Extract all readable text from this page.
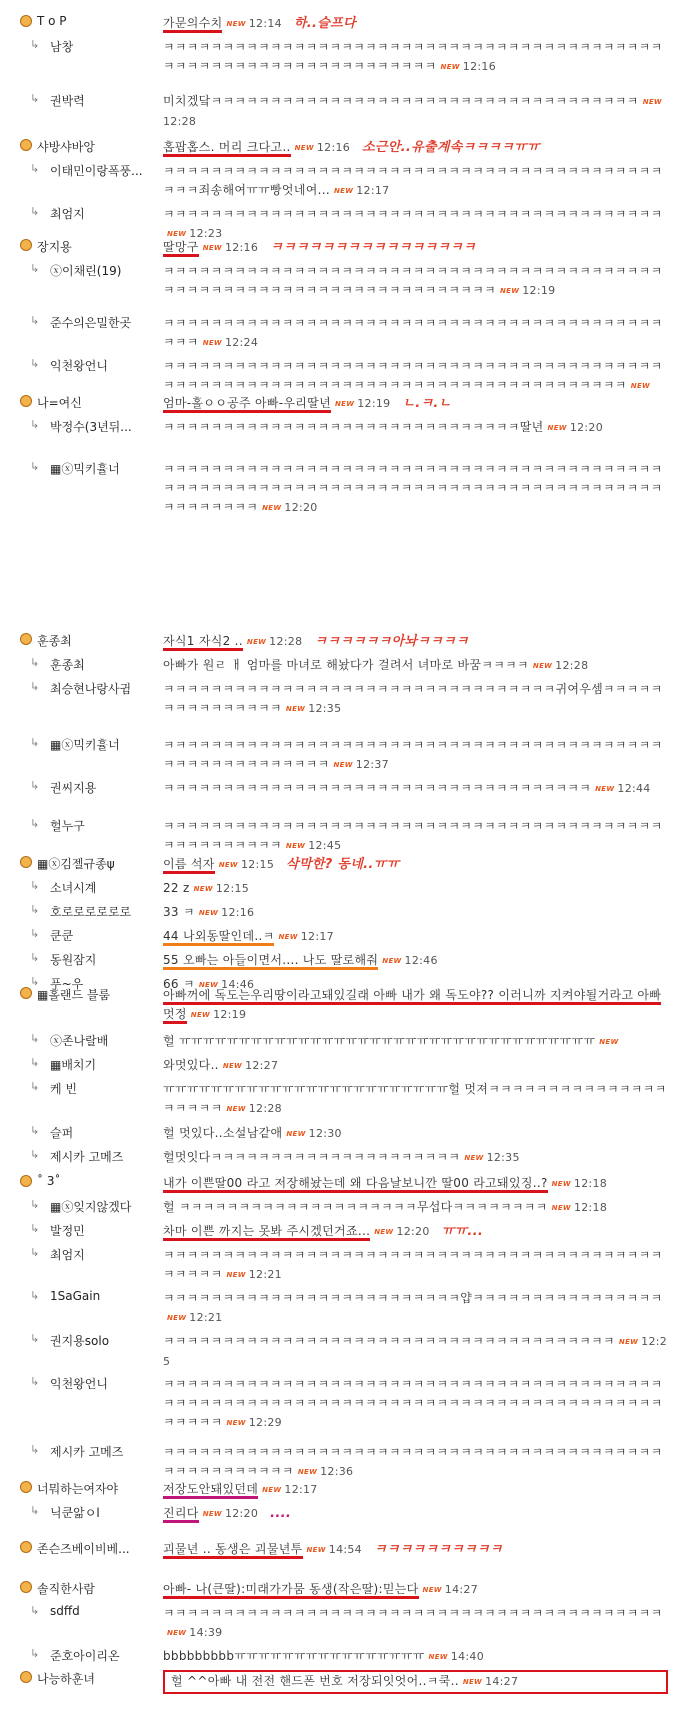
T o P	가문의수치 NEW 12:14 하..슬프다
↳ 남창	ㅋㅋㅋㅋㅋㅋㅋㅋㅋㅋㅋㅋㅋㅋㅋㅋㅋㅋㅋㅋㅋㅋㅋㅋㅋㅋㅋㅋㅋㅋㅋㅋㅋㅋㅋㅋㅋㅋㅋㅋㅋㅋㅋㅋㅋㅋㅋㅋㅋㅋㅋㅋㅋㅋㅋㅋㅋㅋㅋㅋㅋㅋㅋㅋㅋ NEW 12:16
↳ 권박력	미치겠닼ㅋㅋㅋㅋㅋㅋㅋㅋㅋㅋㅋㅋㅋㅋㅋㅋㅋㅋㅋㅋㅋㅋㅋㅋㅋㅋㅋㅋㅋㅋㅋㅋㅋㅋㅋㅋ NEW12:28
샤방샤바앙	홉팝홉스. 머리 크다고.. NEW 12:16 소근안..유출계속ㅋㅋㅋㅋㅠㅠ
↳ 이태민이랑폭풍... ㅋㅋㅋㅋㅋㅋㅋㅋㅋㅋㅋㅋㅋㅋㅋㅋㅋㅋㅋㅋㅋㅋㅋㅋㅋㅋㅋㅋㅋㅋㅋㅋㅋㅋㅋㅋㅋㅋㅋㅋㅋㅋㅋㅋㅋ죄송해여ㅠㅠ빵엇네여... NEW 12:17
↳ 최엄지	ㅋㅋㅋㅋㅋㅋㅋㅋㅋㅋㅋㅋㅋㅋㅋㅋㅋㅋㅋㅋㅋㅋㅋㅋㅋㅋㅋㅋㅋㅋㅋㅋㅋㅋㅋㅋㅋㅋㅋㅋㅋㅋNEW 12:23
장지용	딸망구 NEW 12:16 ㅋㅋㅋㅋㅋㅋㅋㅋㅋㅋㅋㅋㅋㅋㅋㅋ
↳ ⓧ이채린(19)	ㅋㅋㅋㅋㅋㅋㅋㅋㅋㅋㅋㅋㅋㅋㅋㅋㅋㅋㅋㅋㅋㅋㅋㅋㅋㅋㅋㅋㅋㅋㅋㅋㅋㅋㅋㅋㅋㅋㅋㅋㅋㅋㅋㅋㅋㅋㅋㅋㅋㅋㅋㅋㅋㅋㅋㅋㅋㅋㅋㅋㅋㅋㅋㅋㅋㅋㅋㅋㅋㅋ NEW 12:19
↳ 준수의은밀한곳	ㅋㅋㅋㅋㅋㅋㅋㅋㅋㅋㅋㅋㅋㅋㅋㅋㅋㅋㅋㅋㅋㅋㅋㅋㅋㅋㅋㅋㅋㅋㅋㅋㅋㅋㅋㅋㅋㅋㅋㅋㅋㅋㅋㅋㅋ NEW 12:24
↳ 익천왕언니	ㅋㅋㅋㅋㅋㅋㅋㅋㅋㅋㅋㅋㅋㅋㅋㅋㅋㅋㅋㅋㅋㅋㅋㅋㅋㅋㅋㅋㅋㅋㅋㅋㅋㅋㅋㅋㅋㅋㅋㅋㅋㅋㅋㅋㅋㅋㅋㅋㅋㅋㅋㅋㅋㅋㅋㅋㅋㅋㅋㅋㅋㅋㅋㅋㅋㅋㅋㅋㅋㅋㅋㅋㅋㅋㅋㅋㅋㅋㅋㅋㅋ NEW
나=여신	엄마-홀ㅇㅇ공주 아빠-우리딸년 NEW 12:19 ㄴ.ㅋ.ㄴ
↳ 박정수(3년뒤...	ㅋㅋㅋㅋㅋㅋㅋㅋㅋㅋㅋㅋㅋㅋㅋㅋㅋㅋㅋㅋㅋㅋㅋㅋㅋㅋㅋㅋㅋㅋ딸년 NEW 12:20
↳ ▦ⓧ믹키휼너	ㅋㅋㅋㅋㅋㅋㅋㅋㅋㅋㅋㅋㅋㅋㅋㅋㅋㅋㅋㅋㅋㅋㅋㅋㅋㅋㅋㅋㅋㅋㅋㅋㅋㅋㅋㅋㅋㅋㅋㅋㅋㅋㅋㅋㅋㅋㅋㅋㅋㅋㅋㅋㅋㅋㅋㅋㅋㅋㅋㅋㅋㅋㅋㅋㅋㅋㅋㅋㅋㅋㅋㅋㅋㅋㅋㅋㅋㅋㅋㅋㅋㅋㅋㅋㅋㅋㅋㅋㅋㅋㅋㅋ NEW 12:20
훈종최	자식1 자식2 .. NEW 12:28 ㅋㅋㅋㅋㅋㅋ아놔ㅋㅋㅋㅋ
↳ 훈종최	아빠가 원ㄹ ㅐ 엄마를 마녀로 해놨다가 걸려서 녀마로 바꿈ㅋㅋㅋㅋ NEW 12:28
↳ 최승현나랑사귐	ㅋㅋㅋㅋㅋㅋㅋㅋㅋㅋㅋㅋㅋㅋㅋㅋㅋㅋㅋㅋㅋㅋㅋㅋㅋㅋㅋㅋㅋㅋㅋㅋㅋ귀여우셈ㅋㅋㅋㅋㅋㅋㅋㅋㅋㅋㅋㅋㅋㅋㅋ NEW 12:35
↳ ▦ⓧ믹키휼너	ㅋㅋㅋㅋㅋㅋㅋㅋㅋㅋㅋㅋㅋㅋㅋㅋㅋㅋㅋㅋㅋㅋㅋㅋㅋㅋㅋㅋㅋㅋㅋㅋㅋㅋㅋㅋㅋㅋㅋㅋㅋㅋㅋㅋㅋㅋㅋㅋㅋㅋㅋㅋㅋㅋㅋㅋ NEW 12:37
↳ 권씨지용	ㅋㅋㅋㅋㅋㅋㅋㅋㅋㅋㅋㅋㅋㅋㅋㅋㅋㅋㅋㅋㅋㅋㅋㅋㅋㅋㅋㅋㅋㅋㅋㅋㅋㅋㅋㅋ NEW 12:44
↳ 헐누구	ㅋㅋㅋㅋㅋㅋㅋㅋㅋㅋㅋㅋㅋㅋㅋㅋㅋㅋㅋㅋㅋㅋㅋㅋㅋㅋㅋㅋㅋㅋㅋㅋㅋㅋㅋㅋㅋㅋㅋㅋㅋㅋㅋㅋㅋㅋㅋㅋㅋㅋㅋㅋ NEW 12:45
▦ⓧ김젤규종ψ	이름 석자 NEW 12:15 삭막한? 동네..ㅠㅠ
↳ 소녀시계	22 z NEW 12:15
↳ 호로로로로로로	33 ㅋ NEW 12:16
↳ 쿤쿤	44 나외동딸인데..ㅋ NEW 12:17
↳ 동원잠지	55 오빠는 아들이면서.... 나도 딸로해줘 NEW 12:46
↳ 푸~우	66 ㅋ NEW 14:46
▦홀랜드 블룸	아빠꺼에 독도는우리땅이라고돼있길래 아빠 내가 왜 독도야?? 이러니까 지켜야될거라고 아빠멋정 NEW 12:19
↳ ⓧ존나랄배	헐 ㅠㅠㅠㅠㅠㅠㅠㅠㅠㅠㅠㅠㅠㅠㅠㅠㅠㅠㅠㅠㅠㅠㅠㅠㅠㅠㅠㅠㅠㅠㅠㅠㅠㅠㅠ NEW
↳ ▦배치기	와멋있다.. NEW 12:27
↳ 케 빈	ㅠㅠㅠㅠㅠㅠㅠㅠㅠㅠㅠㅠㅠㅠㅠㅠㅠㅠㅠㅠㅠㅠㅠㅠ헐 멋져ㅋㅋㅋㅋㅋㅋㅋㅋㅋㅋㅋㅋㅋㅋㅋㅋㅋㅋㅋㅋ NEW 12:28
↳ 슬퍼	헐 멋있다..소설남같애 NEW 12:30
↳ 제시카 고메즈	헐멋잇다ㅋㅋㅋㅋㅋㅋㅋㅋㅋㅋㅋㅋㅋㅋㅋㅋㅋㅋㅋㅋㅋ NEW 12:35
˚ 3˚	내가 이쁜딸00 라고 저장해놨는데 왜 다음날보니깐 딸00 라고돼있징..? NEW 12:18
↳ ▦ⓧ잊지않겠다	헐 ㅋㅋㅋㅋㅋㅋㅋㅋㅋㅋㅋㅋㅋㅋㅋㅋㅋㅋㅋㅋ무섭다ㅋㅋㅋㅋㅋㅋㅋㅋ NEW 12:18
↳ 발정민	차마 이쁜 까지는 못봐 주시겠던거죠... NEW 12:20 ㅠㅠ...
↳ 최엄지	ㅋㅋㅋㅋㅋㅋㅋㅋㅋㅋㅋㅋㅋㅋㅋㅋㅋㅋㅋㅋㅋㅋㅋㅋㅋㅋㅋㅋㅋㅋㅋㅋㅋㅋㅋㅋㅋㅋㅋㅋㅋㅋㅋㅋㅋㅋㅋ NEW 12:21
↳ 1SaGain	ㅋㅋㅋㅋㅋㅋㅋㅋㅋㅋㅋㅋㅋㅋㅋㅋㅋㅋㅋㅋㅋㅋㅋㅋㅋ얍ㅋㅋㅋㅋㅋㅋㅋㅋㅋㅋㅋㅋㅋㅋㅋㅋNEW 12:21
↳ 권지용solo	ㅋㅋㅋㅋㅋㅋㅋㅋㅋㅋㅋㅋㅋㅋㅋㅋㅋㅋㅋㅋㅋㅋㅋㅋㅋㅋㅋㅋㅋㅋㅋㅋㅋㅋㅋㅋㅋㅋ NEW 12:25
↳ 익천왕언니	ㅋㅋㅋㅋㅋㅋㅋㅋㅋㅋㅋㅋㅋㅋㅋㅋㅋㅋㅋㅋㅋㅋㅋㅋㅋㅋㅋㅋㅋㅋㅋㅋㅋㅋㅋㅋㅋㅋㅋㅋㅋㅋㅋㅋㅋㅋㅋㅋㅋㅋㅋㅋㅋㅋㅋㅋㅋㅋㅋㅋㅋㅋㅋㅋㅋㅋㅋㅋㅋㅋㅋㅋㅋㅋㅋㅋㅋㅋㅋㅋㅋㅋㅋㅋㅋㅋㅋㅋㅋ NEW 12:29
↳ 제시카 고메즈	ㅋㅋㅋㅋㅋㅋㅋㅋㅋㅋㅋㅋㅋㅋㅋㅋㅋㅋㅋㅋㅋㅋㅋㅋㅋㅋㅋㅋㅋㅋㅋㅋㅋㅋㅋㅋㅋㅋㅋㅋㅋㅋㅋㅋㅋㅋㅋㅋㅋㅋㅋㅋㅋ NEW 12:36
너뭐하는여자야	저장도안돼있던데 NEW 12:17
↳ 닉쿤앎ㅇl	진리다 NEW 12:20 ....
존슨즈베이비베...	괴물년 .. 동생은 괴물년투 NEW 14:54 ㅋㅋㅋㅋㅋㅋㅋㅋㅋㅋ
솔직한사람	아빠- 나(큰딸):미래가가뭄 동생(작은딸):믿는다 NEW 14:27
↳ sdffd	ㅋㅋㅋㅋㅋㅋㅋㅋㅋㅋㅋㅋㅋㅋㅋㅋㅋㅋㅋㅋㅋㅋㅋㅋㅋㅋㅋㅋㅋㅋㅋㅋㅋㅋㅋㅋㅋㅋㅋㅋㅋㅋNEW 14:39
↳ 준호아이리온	bbbbbbbbbㅠㅠㅠㅠㅠㅠㅠㅠㅠㅠㅠㅠㅠㅠㅠㅠ NEW 14:40
나능하훈녀	헐 ^^아빠 내 전전 핸드폰 번호 저장되잇엇어..ㅋ쿡.. NEW 14:27
